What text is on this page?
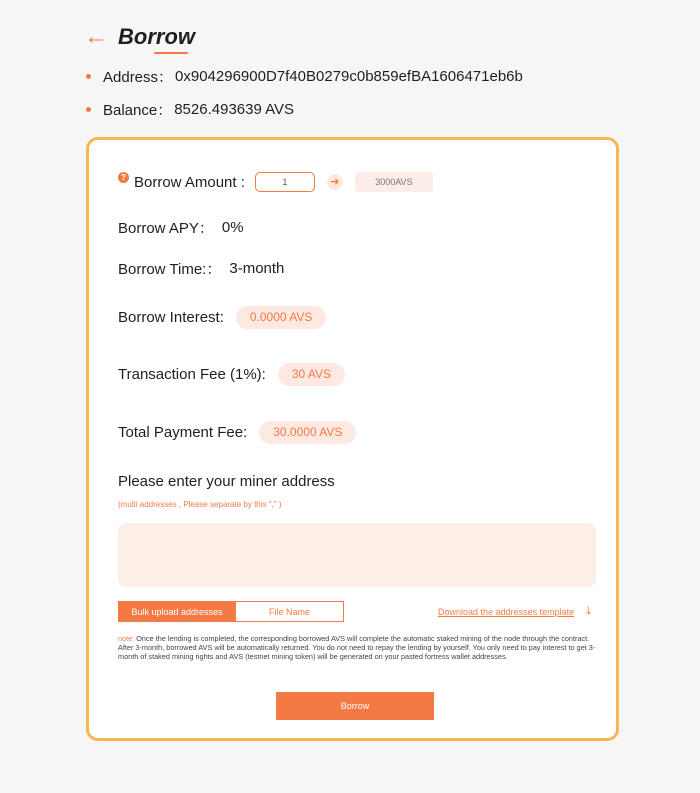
← Borrow
Address： 0x904296900D7f40B0279c0b859efBA1606471eb6b
Balance： 8526.493639 AVS
? Borrow Amount :
1	➜	3000AVS
Borrow APY： 0%
Borrow Time:： 3-month
Borrow Interest:	0.0000 AVS
Transaction Fee (1%):	30 AVS
Total Payment Fee:	30.0000 AVS
Please enter your miner address
(multi addresses , Please separate by this "," )
Bulk upload addresses	File Name	Download the addresses template ⤓
note: Once the lending is completed, the corresponding borrowed AVS will complete the automatic staked mining of the node through the contract. After 3-month, borrowed AVS will be automatically returned. You do not need to repay the lending by yourself. You only need to pay interest to get 3-month of staked mining rights and AVS (testnet mining token) will be generated on your pasted fortress wallet addresses.
Borrow
